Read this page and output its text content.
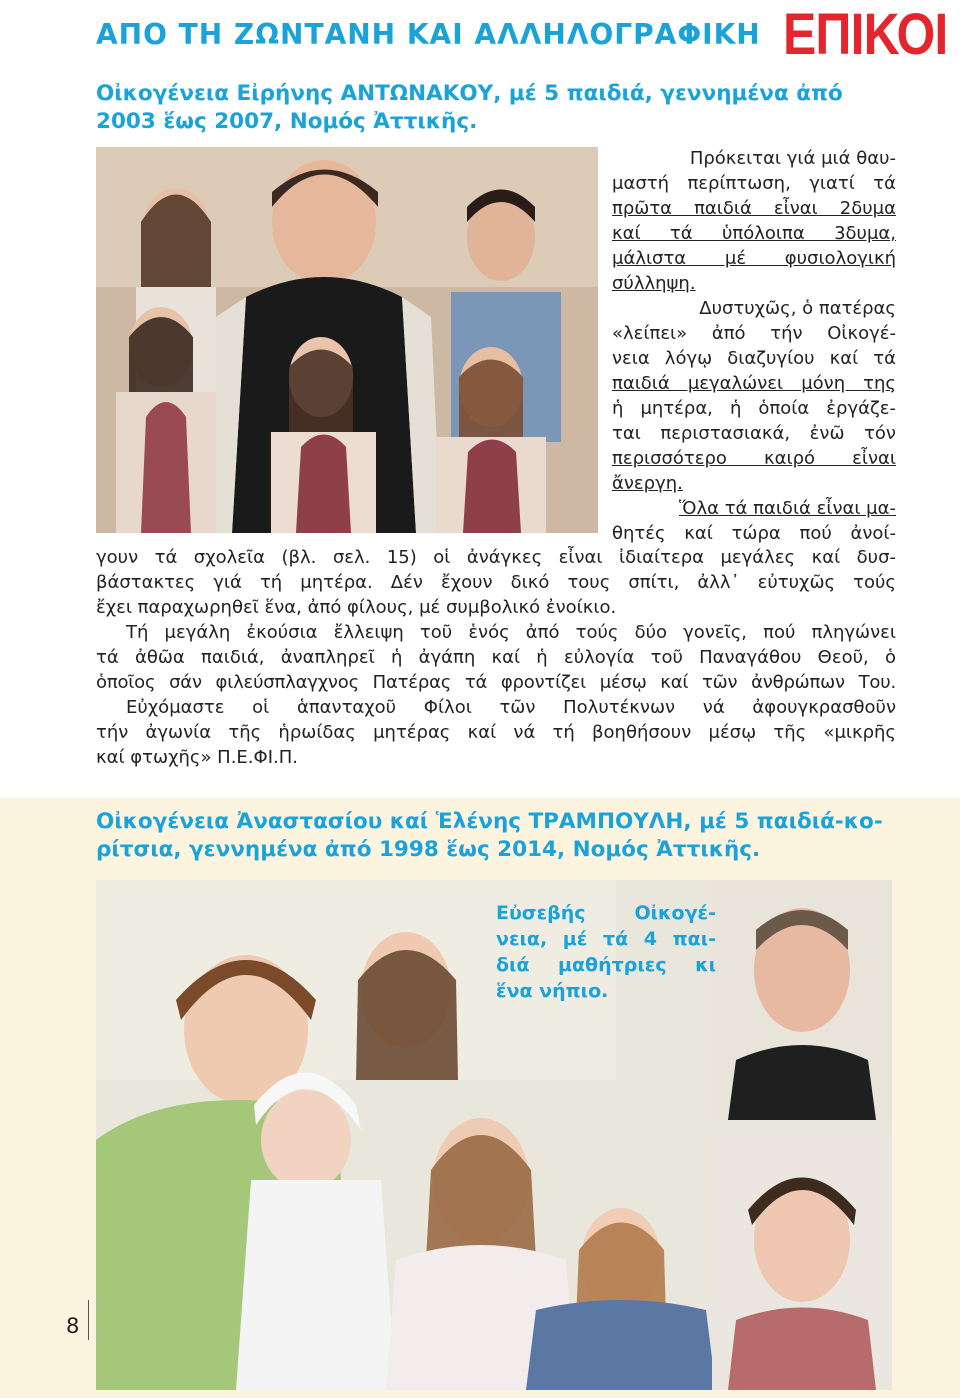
ΑΠΟ ΤΗ ΖΩΝΤΑΝΗ ΚΑΙ ΑΛΛΗΛΟΓΡΑΦΙΚΗ ΕΠΙΚΟΙ
Οἰκογένεια Εἰρήνης ΑΝΤΩΝΑΚΟΥ, μέ 5 παιδιά, γεννημένα ἀπό 2003 ἕως 2007, Νομός Ἀττικῆς.
Πρόκειται γιά μιά θαυ-
μαστή περίπτωση, γιατί τά
πρῶτα παιδιά εἶναι 2δυμα
καί τά ὑπόλοιπα 3δυμα,
μάλιστα μέ φυσιολογική
σύλληψη.
Δυστυχῶς, ὁ πατέρας
«λείπει» ἀπό τήν Οἰκογέ-
νεια λόγῳ διαζυγίου καί τά
παιδιά μεγαλώνει μόνη της
ἡ μητέρα, ἡ ὁποία ἐργάζε-
ται περιστασιακά, ἐνῶ τόν
περισσότερο καιρό εἶναι
ἄνεργη.
Ὅλα τά παιδιά εἶναι μα-
θητές καί τώρα πού ἀνοί-
γουν τά σχολεῖα (βλ. σελ. 15) οἱ ἀνάγκες εἶναι ἰδιαίτερα μεγάλες καί δυσ-
βάστακτες γιά τή μητέρα. Δέν ἔχουν δικό τους σπίτι, ἀλλ᾽ εὐτυχῶς τούς
ἔχει παραχωρηθεῖ ἕνα, ἀπό φίλους, μέ συμβολικό ἐνοίκιο.
Τή μεγάλη ἐκούσια ἔλλειψη τοῦ ἑνός ἀπό τούς δύο γονεῖς, πού πληγώνει
τά ἀθῶα παιδιά, ἀναπληρεῖ ἡ ἀγάπη καί ἡ εὐλογία τοῦ Παναγάθου Θεοῦ, ὁ
ὁποῖος σάν φιλεύσπλαγχνος Πατέρας τά φροντίζει μέσῳ καί τῶν ἀνθρώπων Του.
Εὐχόμαστε οἱ ἁπανταχοῦ Φίλοι τῶν Πολυτέκνων νά ἀφουγκρασθοῦν
τήν ἀγωνία τῆς ἡρωίδας μητέρας καί νά τή βοηθήσουν μέσῳ τῆς «μικρῆς
καί φτωχῆς» Π.Ε.ΦΙ.Π.
Οἰκογένεια Ἀναστασίου καί Ἑλένης ΤΡΑΜΠΟΥΛΗ, μέ 5 παιδιά-κο-ρίτσια, γεννημένα ἀπό 1998 ἕως 2014, Νομός Ἀττικῆς.
Εὐσεβής Οἰκογέ-
νεια, μέ τά 4 παι-
διά μαθήτριες κι
ἕνα νήπιο.
8
